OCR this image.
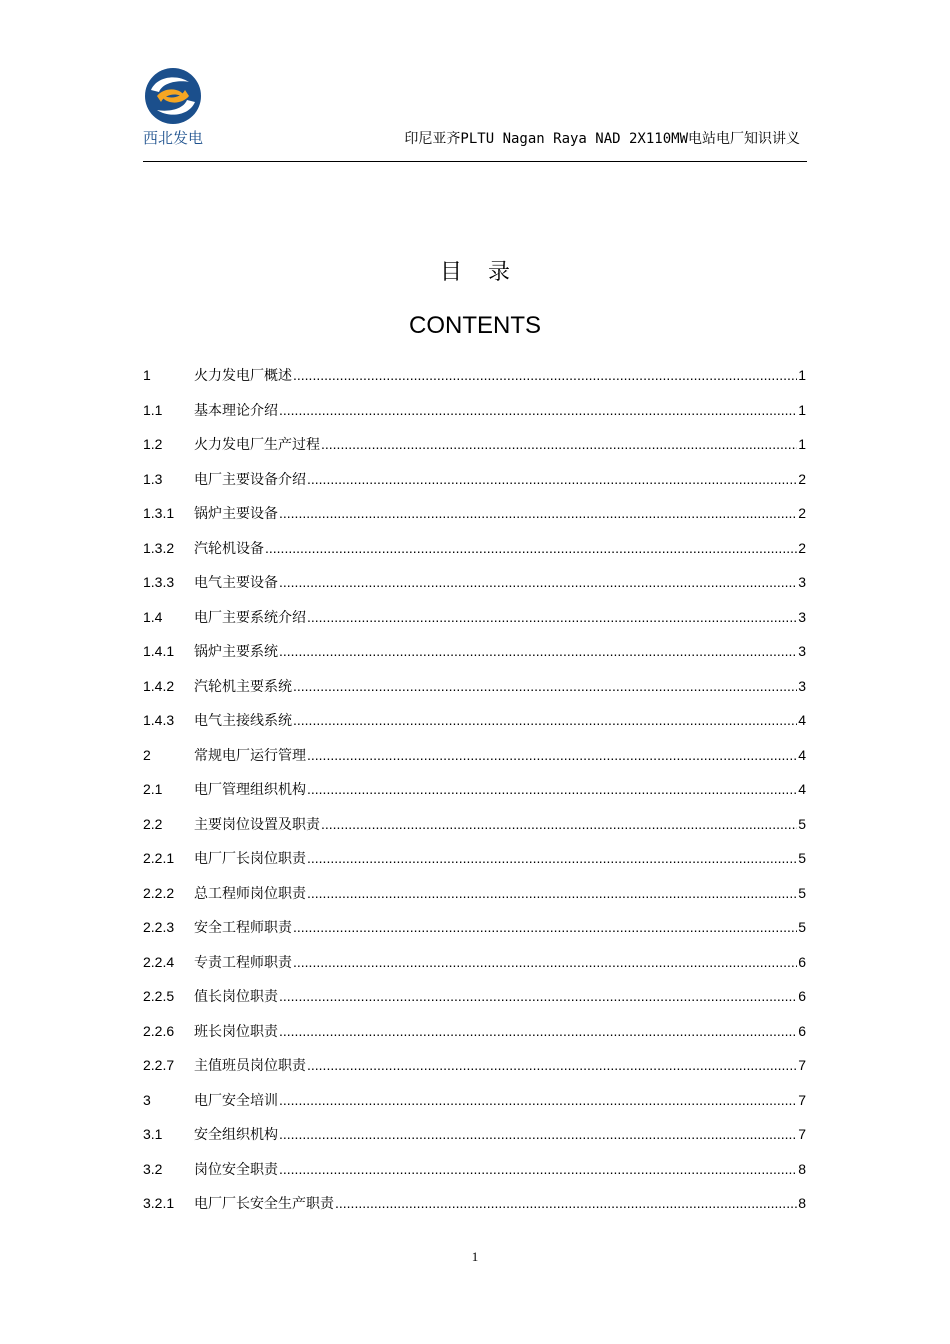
西北发电	印尼亚齐PLTU Nagan Raya NAD 2X110MW电站电厂知识讲义
目录
CONTENTS
1	火力发电厂概述 .....	1
1.1	基本理论介绍 .....	1
1.2	火力发电厂生产过程 .....	1
1.3	电厂主要设备介绍 .....	2
1.3.1	锅炉主要设备 .....	2
1.3.2	汽轮机设备 .....	2
1.3.3	电气主要设备 .....	3
1.4	电厂主要系统介绍 .....	3
1.4.1	锅炉主要系统 .....	3
1.4.2	汽轮机主要系统 .....	3
1.4.3	电气主接线系统 .....	4
2	常规电厂运行管理 .....	4
2.1	电厂管理组织机构 .....	4
2.2	主要岗位设置及职责 .....	5
2.2.1	电厂厂长岗位职责 .....	5
2.2.2	总工程师岗位职责 .....	5
2.2.3	安全工程师职责 .....	5
2.2.4	专责工程师职责 .....	6
2.2.5	值长岗位职责 .....	6
2.2.6	班长岗位职责 .....	6
2.2.7	主值班员岗位职责 .....	7
3	电厂安全培训 .....	7
3.1	安全组织机构 .....	7
3.2	岗位安全职责 .....	8
3.2.1	电厂厂长安全生产职责 .....	8
1
